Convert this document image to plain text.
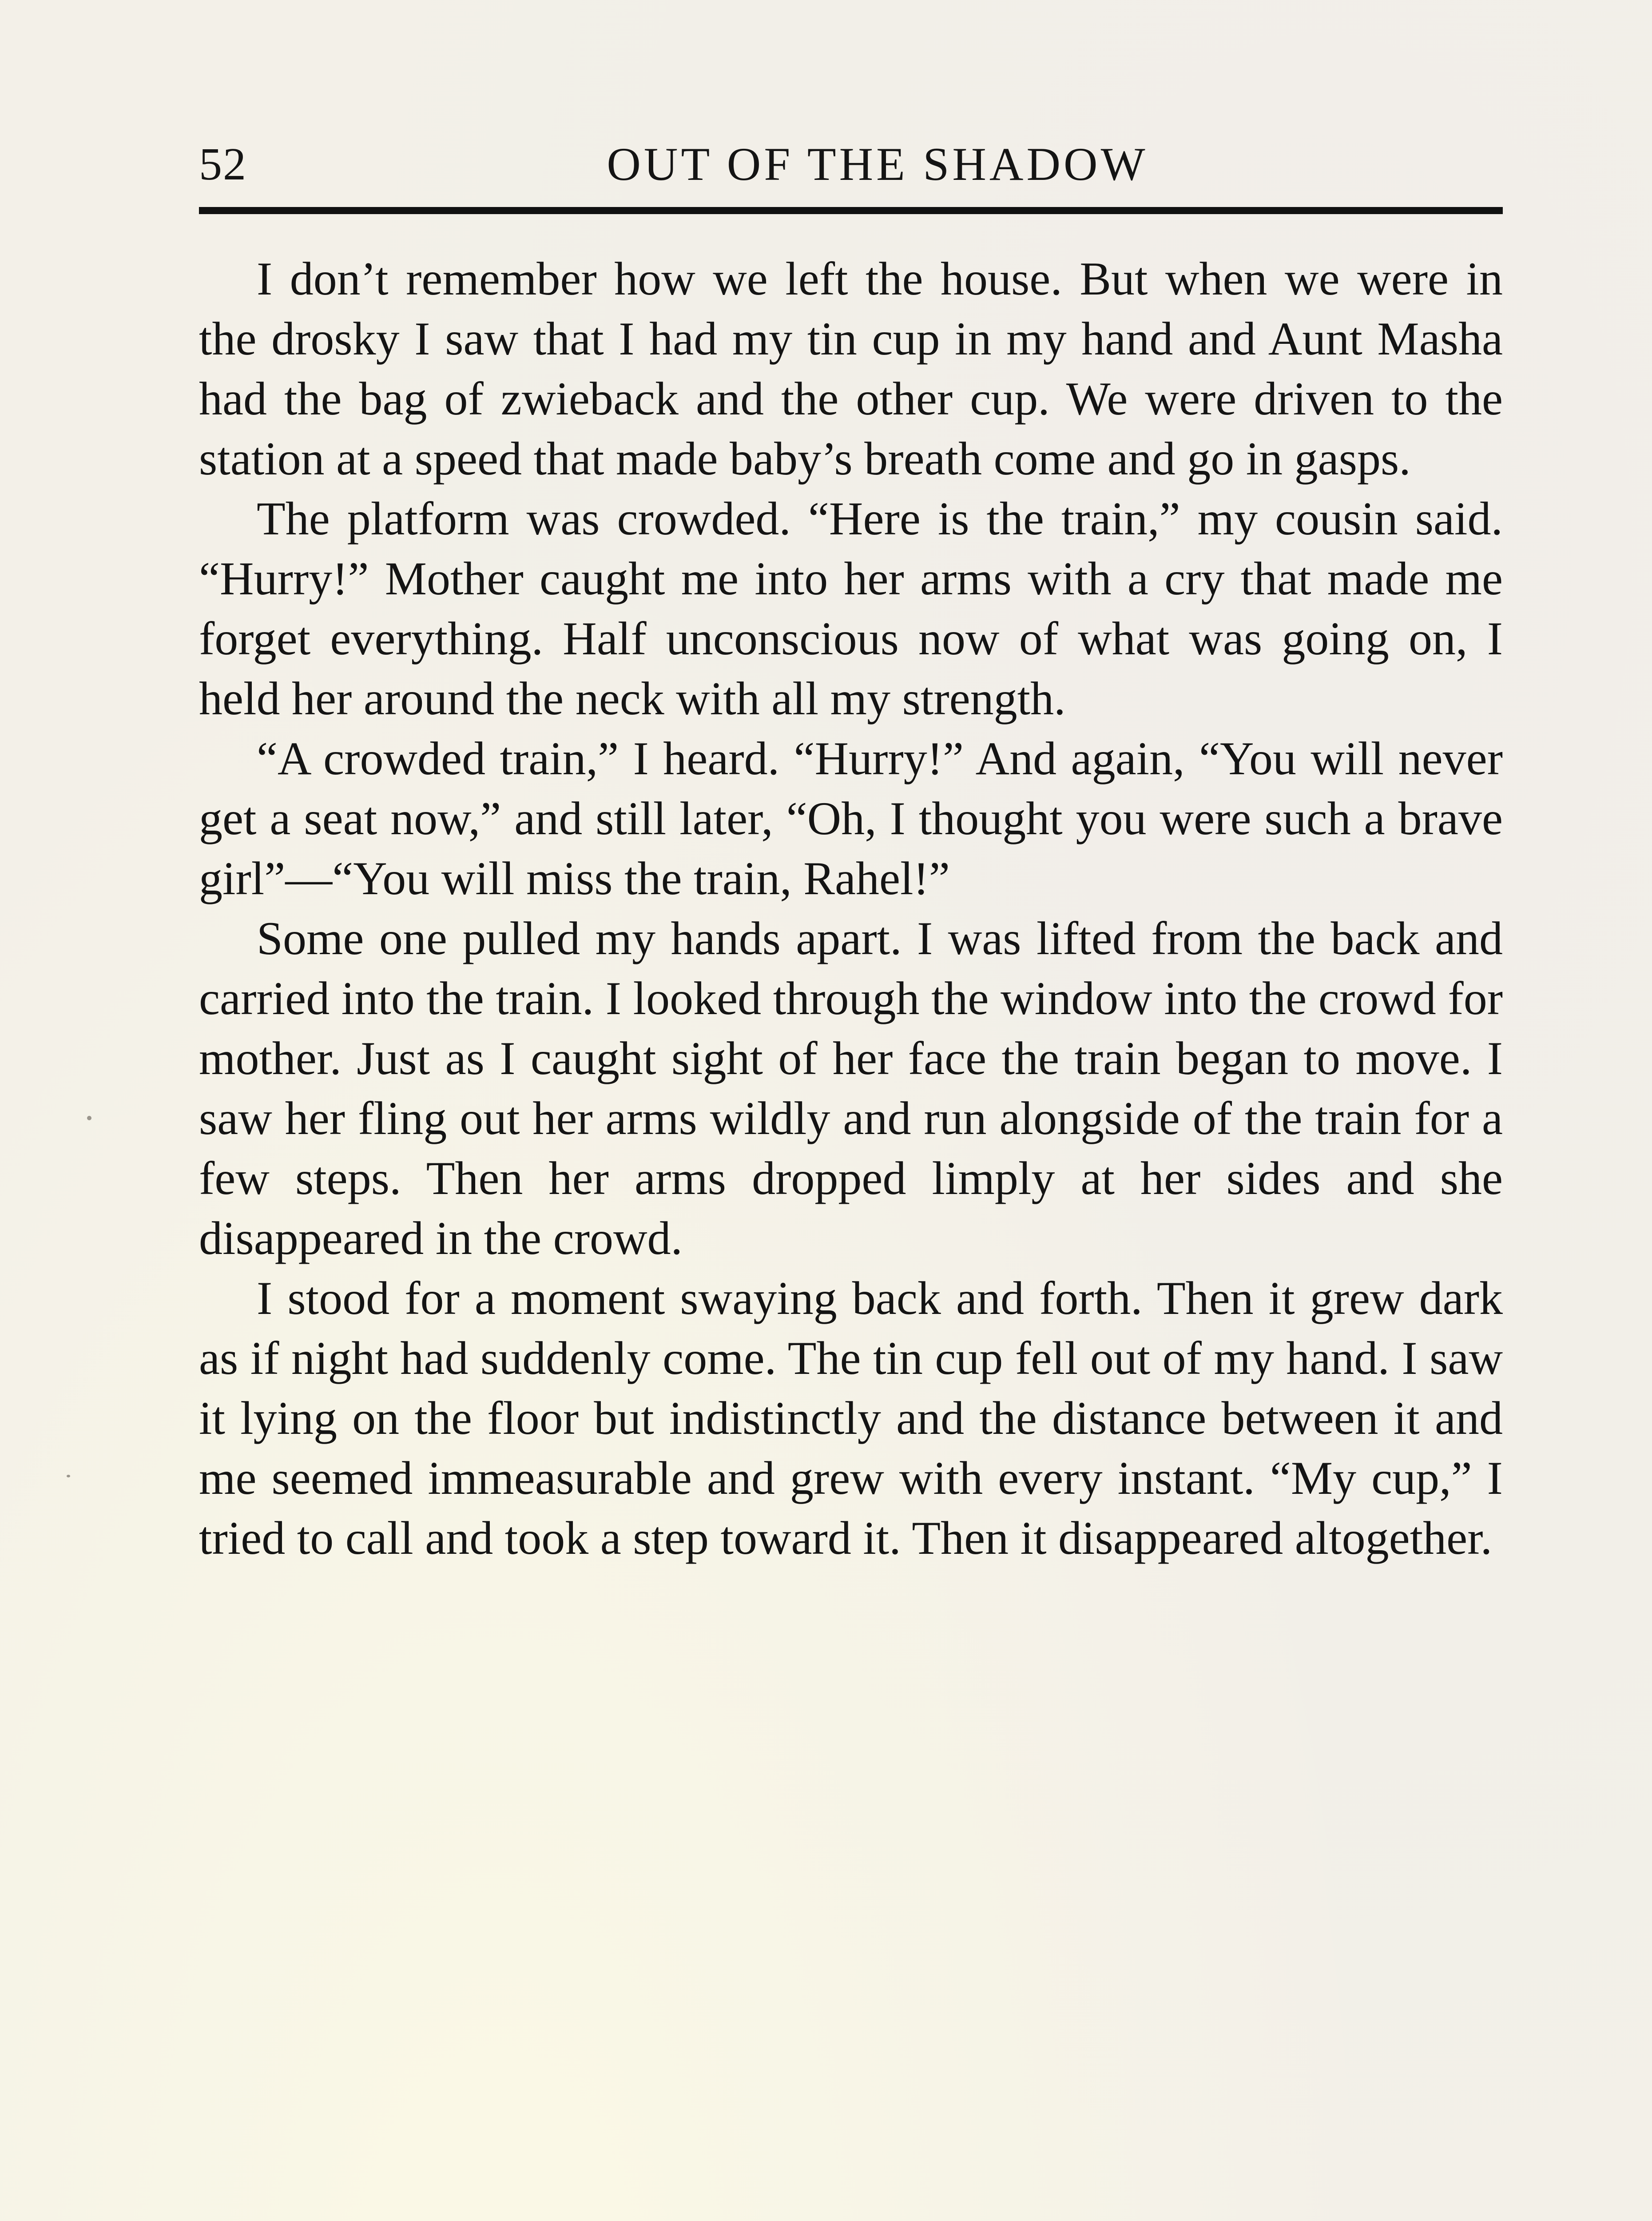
52	OUT OF THE SHADOW

I don’t remember how we left the house. But when we were in the drosky I saw that I had my tin cup in my hand and Aunt Masha had the bag of zwieback and the other cup. We were driven to the station at a speed that made baby’s breath come and go in gasps.

The platform was crowded. “Here is the train,” my cousin said. “Hurry!” Mother caught me into her arms with a cry that made me forget everything. Half unconscious now of what was going on, I held her around the neck with all my strength.

“A crowded train,” I heard. “Hurry!” And again, “You will never get a seat now,” and still later, “Oh, I thought you were such a brave girl”—“You will miss the train, Rahel!”

Some one pulled my hands apart. I was lifted from the back and carried into the train. I looked through the window into the crowd for mother. Just as I caught sight of her face the train began to move. I saw her fling out her arms wildly and run alongside of the train for a few steps. Then her arms dropped limply at her sides and she disappeared in the crowd.

I stood for a moment swaying back and forth. Then it grew dark as if night had suddenly come. The tin cup fell out of my hand. I saw it lying on the floor but indistinctly and the distance between it and me seemed immeasurable and grew with every instant. “My cup,” I tried to call and took a step toward it. Then it disappeared altogether.
